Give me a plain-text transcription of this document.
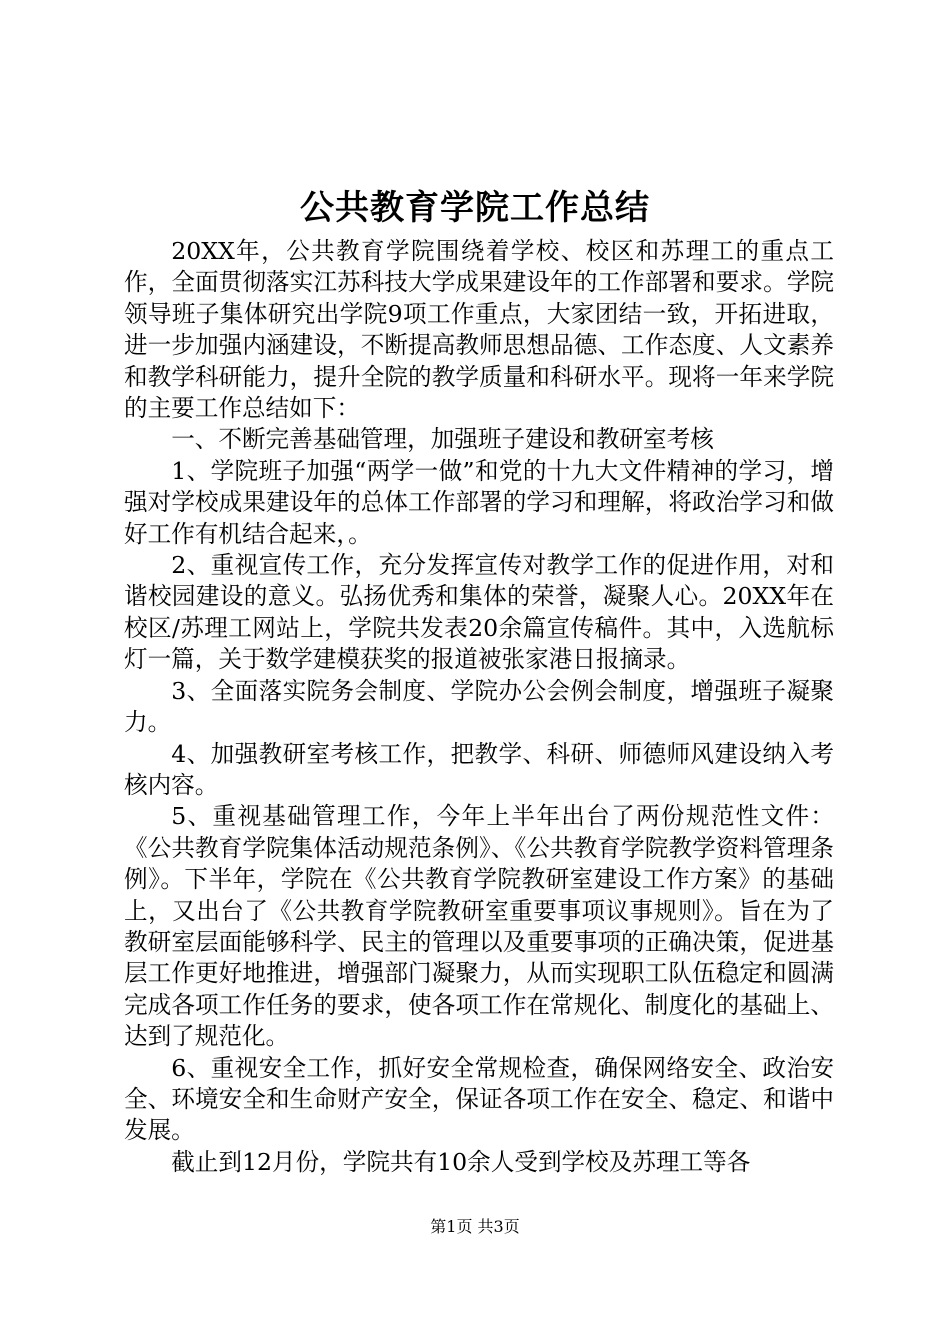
公共教育学院工作总结

20XX年，公共教育学院围绕着学校、校区和苏理工的重点工作，全面贯彻落实江苏科技大学成果建设年的工作部署和要求。学院领导班子集体研究出学院9项工作重点，大家团结一致，开拓进取，进一步加强内涵建设，不断提高教师思想品德、工作态度、人文素养和教学科研能力，提升全院的教学质量和科研水平。现将一年来学院的主要工作总结如下：

一、不断完善基础管理，加强班子建设和教研室考核

1、学院班子加强“两学一做”和党的十九大文件精神的学习，增强对学校成果建设年的总体工作部署的学习和理解，将政治学习和做好工作有机结合起来，。

2、重视宣传工作，充分发挥宣传对教学工作的促进作用，对和谐校园建设的意义。弘扬优秀和集体的荣誉，凝聚人心。20XX年在校区/苏理工网站上，学院共发表20余篇宣传稿件。其中，入选航标灯一篇，关于数学建模获奖的报道被张家港日报摘录。

3、全面落实院务会制度、学院办公会例会制度，增强班子凝聚力。

4、加强教研室考核工作，把教学、科研、师德师风建设纳入考核内容。

5、重视基础管理工作，今年上半年出台了两份规范性文件：《公共教育学院集体活动规范条例》、《公共教育学院教学资料管理条例》。下半年，学院在《公共教育学院教研室建设工作方案》的基础上，又出台了《公共教育学院教研室重要事项议事规则》。旨在为了教研室层面能够科学、民主的管理以及重要事项的正确决策，促进基层工作更好地推进，增强部门凝聚力，从而实现职工队伍稳定和圆满完成各项工作任务的要求，使各项工作在常规化、制度化的基础上、达到了规范化。

6、重视安全工作，抓好安全常规检查，确保网络安全、政治安全、环境安全和生命财产安全，保证各项工作在安全、稳定、和谐中发展。

截止到12月份，学院共有10余人受到学校及苏理工等各

第1页 共3页
